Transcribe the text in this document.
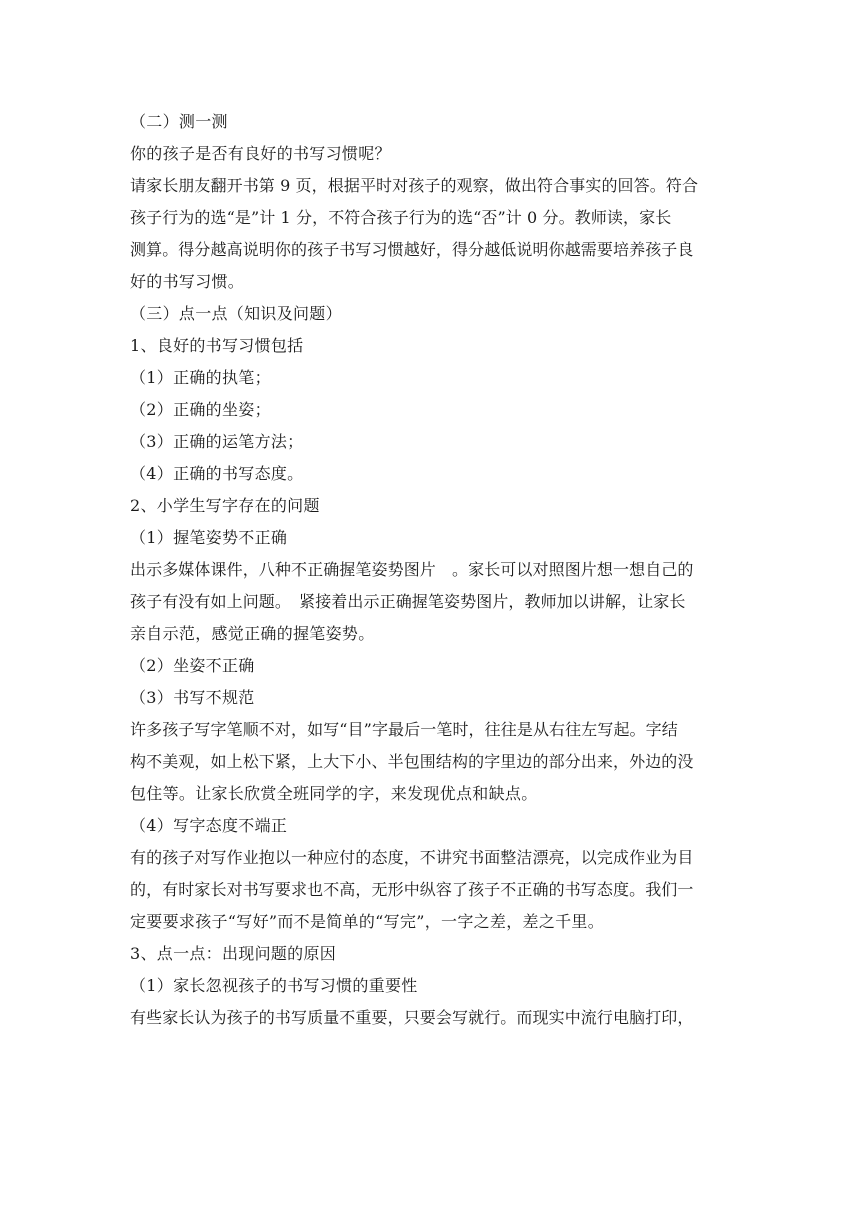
（二）测一测
你的孩子是否有良好的书写习惯呢？
请家长朋友翻开书第 9 页，根据平时对孩子的观察，做出符合事实的回答。符合
孩子行为的选“是”计 1 分，不符合孩子行为的选“否”计 0 分。教师读，家长
测算。得分越高说明你的孩子书写习惯越好，得分越低说明你越需要培养孩子良
好的书写习惯。
（三）点一点（知识及问题）
1、良好的书写习惯包括
（1）正确的执笔；
（2）正确的坐姿；
（3）正确的运笔方法；
（4）正确的书写态度。
2、小学生写字存在的问题
（1）握笔姿势不正确
出示多媒体课件，八种不正确握笔姿势图片　。家长可以对照图片想一想自己的
孩子有没有如上问题。　紧接着出示正确握笔姿势图片，教师加以讲解，让家长
亲自示范，感觉正确的握笔姿势。
（2）坐姿不正确
（3）书写不规范
许多孩子写字笔顺不对，如写“目”字最后一笔时，往往是从右往左写起。字结
构不美观，如上松下紧，上大下小、半包围结构的字里边的部分出来，外边的没
包住等。让家长欣赏全班同学的字，来发现优点和缺点。
（4）写字态度不端正
有的孩子对写作业抱以一种应付的态度，不讲究书面整洁漂亮，以完成作业为目
的，有时家长对书写要求也不高，无形中纵容了孩子不正确的书写态度。我们一
定要要求孩子“写好”而不是简单的“写完”，一字之差，差之千里。
3、点一点：出现问题的原因
（1）家长忽视孩子的书写习惯的重要性
有些家长认为孩子的书写质量不重要，只要会写就行。而现实中流行电脑打印，
